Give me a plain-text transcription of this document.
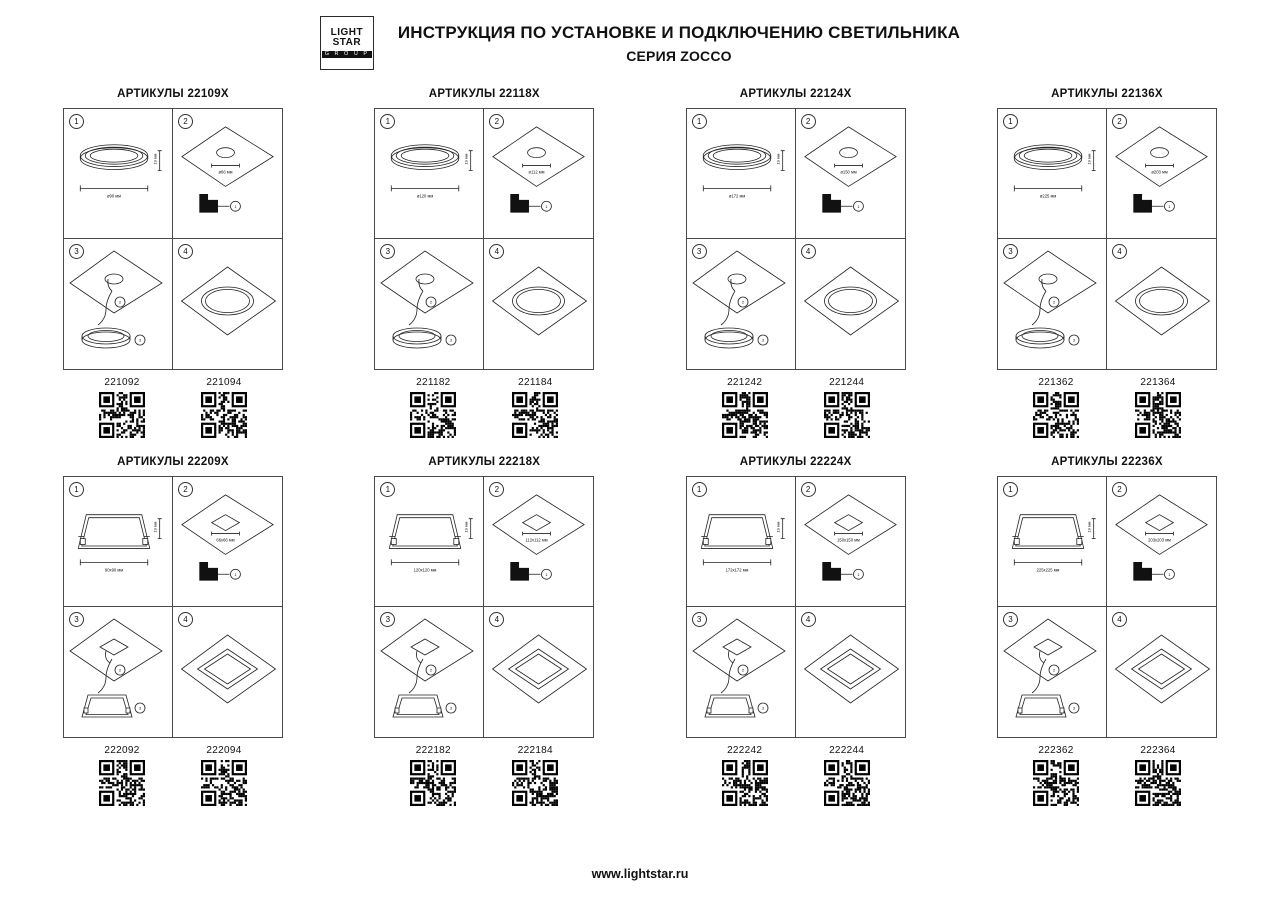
LIGHT
STAR
G R O U P
ИНСТРУКЦИЯ ПО УСТАНОВКЕ И ПОДКЛЮЧЕНИЮ СВЕТИЛЬНИКА
СЕРИЯ ZOCCO
АРТИКУЛЫ 22109Х
1
19 мм
ø90 мм
2
ø66 мм
1
3
2
3
4
221092	221094
АРТИКУЛЫ 22118Х
1
19 мм
ø120 мм
2
ø112 мм
1
3
2
3
4
221182	221184
АРТИКУЛЫ 22124Х
1
19 мм
ø172 мм
2
ø150 мм
1
3
2
3
4
221242	221244
АРТИКУЛЫ 22136Х
1
19 мм
ø225 мм
2
ø203 мм
1
3
2
3
4
221362	221364
АРТИКУЛЫ 22209Х
1
19 мм
90х90 мм
2
66х66 мм
1
3
2
3
4
222092	222094
АРТИКУЛЫ 22218Х
1
19 мм
120х120 мм
2
112х112 мм
1
3
2
3
4
222182	222184
АРТИКУЛЫ 22224Х
1
19 мм
172х172 мм
2
150х150 мм
1
3
2
3
4
222242	222244
АРТИКУЛЫ 22236Х
1
19 мм
225х225 мм
2
203х203 мм
1
3
2
3
4
222362	222364
www.lightstar.ru
